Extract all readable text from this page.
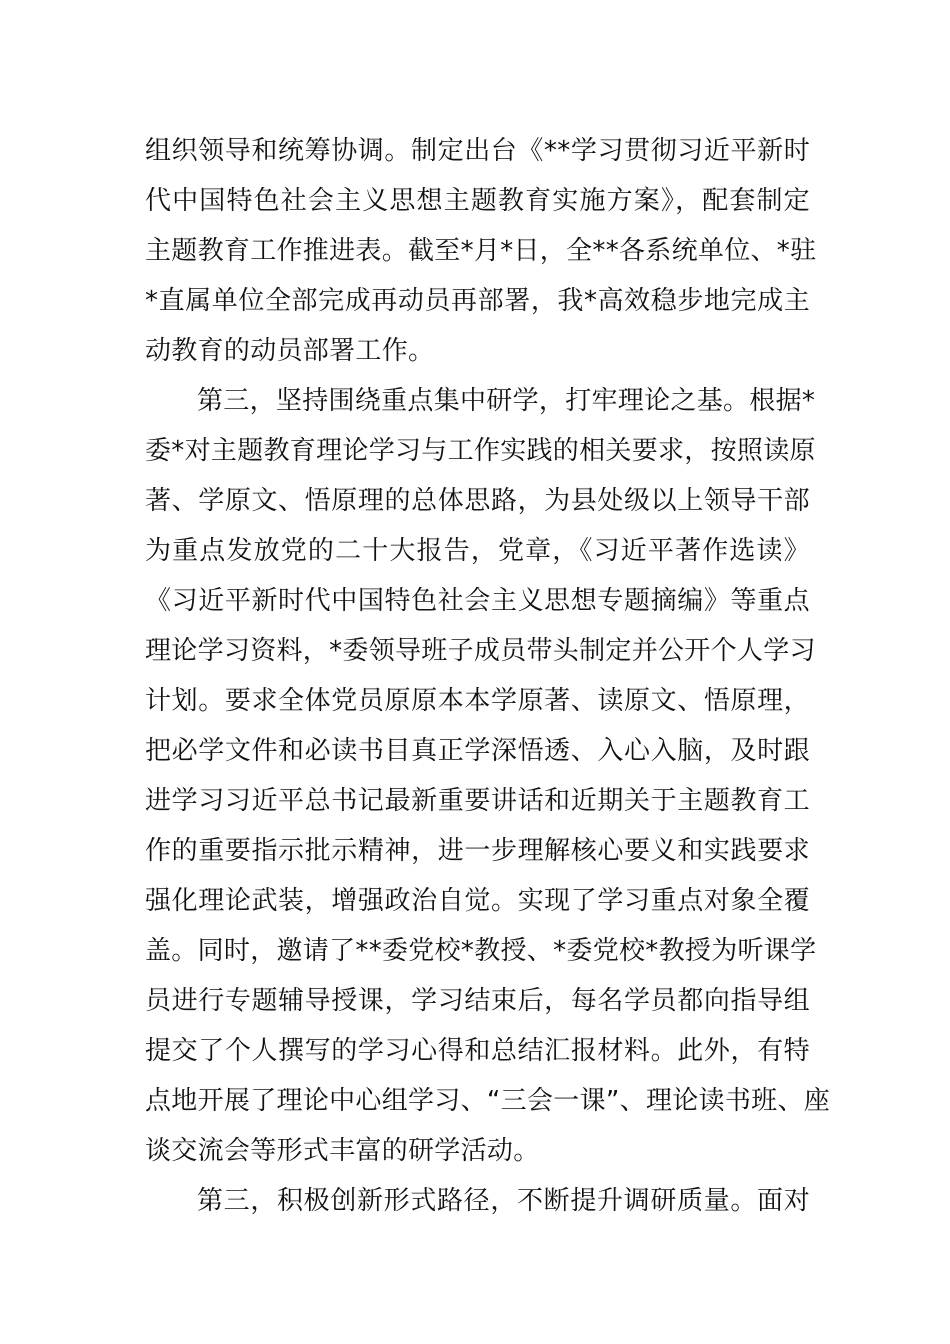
组织领导和统筹协调。制定出台《**学习贯彻习近平新时
代中国特色社会主义思想主题教育实施方案》，配套制定
主题教育工作推进表。截至*月*日，全**各系统单位、*驻
*直属单位全部完成再动员再部署，我*高效稳步地完成主
动教育的动员部署工作。
第三，坚持围绕重点集中研学，打牢理论之基。根据*
委*对主题教育理论学习与工作实践的相关要求，按照读原
著、学原文、悟原理的总体思路，为县处级以上领导干部
为重点发放党的二十大报告，党章，《习近平著作选读》
《习近平新时代中国特色社会主义思想专题摘编》等重点
理论学习资料，*委领导班子成员带头制定并公开个人学习
计划。要求全体党员原原本本学原著、读原文、悟原理，
把必学文件和必读书目真正学深悟透、入心入脑，及时跟
进学习习近平总书记最新重要讲话和近期关于主题教育工
作的重要指示批示精神，进一步理解核心要义和实践要求
强化理论武装，增强政治自觉。实现了学习重点对象全覆
盖。同时，邀请了**委党校*教授、*委党校*教授为听课学
员进行专题辅导授课，学习结束后，每名学员都向指导组
提交了个人撰写的学习心得和总结汇报材料。此外，有特
点地开展了理论中心组学习、“三会一课”、理论读书班、座
谈交流会等形式丰富的研学活动。
第三，积极创新形式路径，不断提升调研质量。面对
